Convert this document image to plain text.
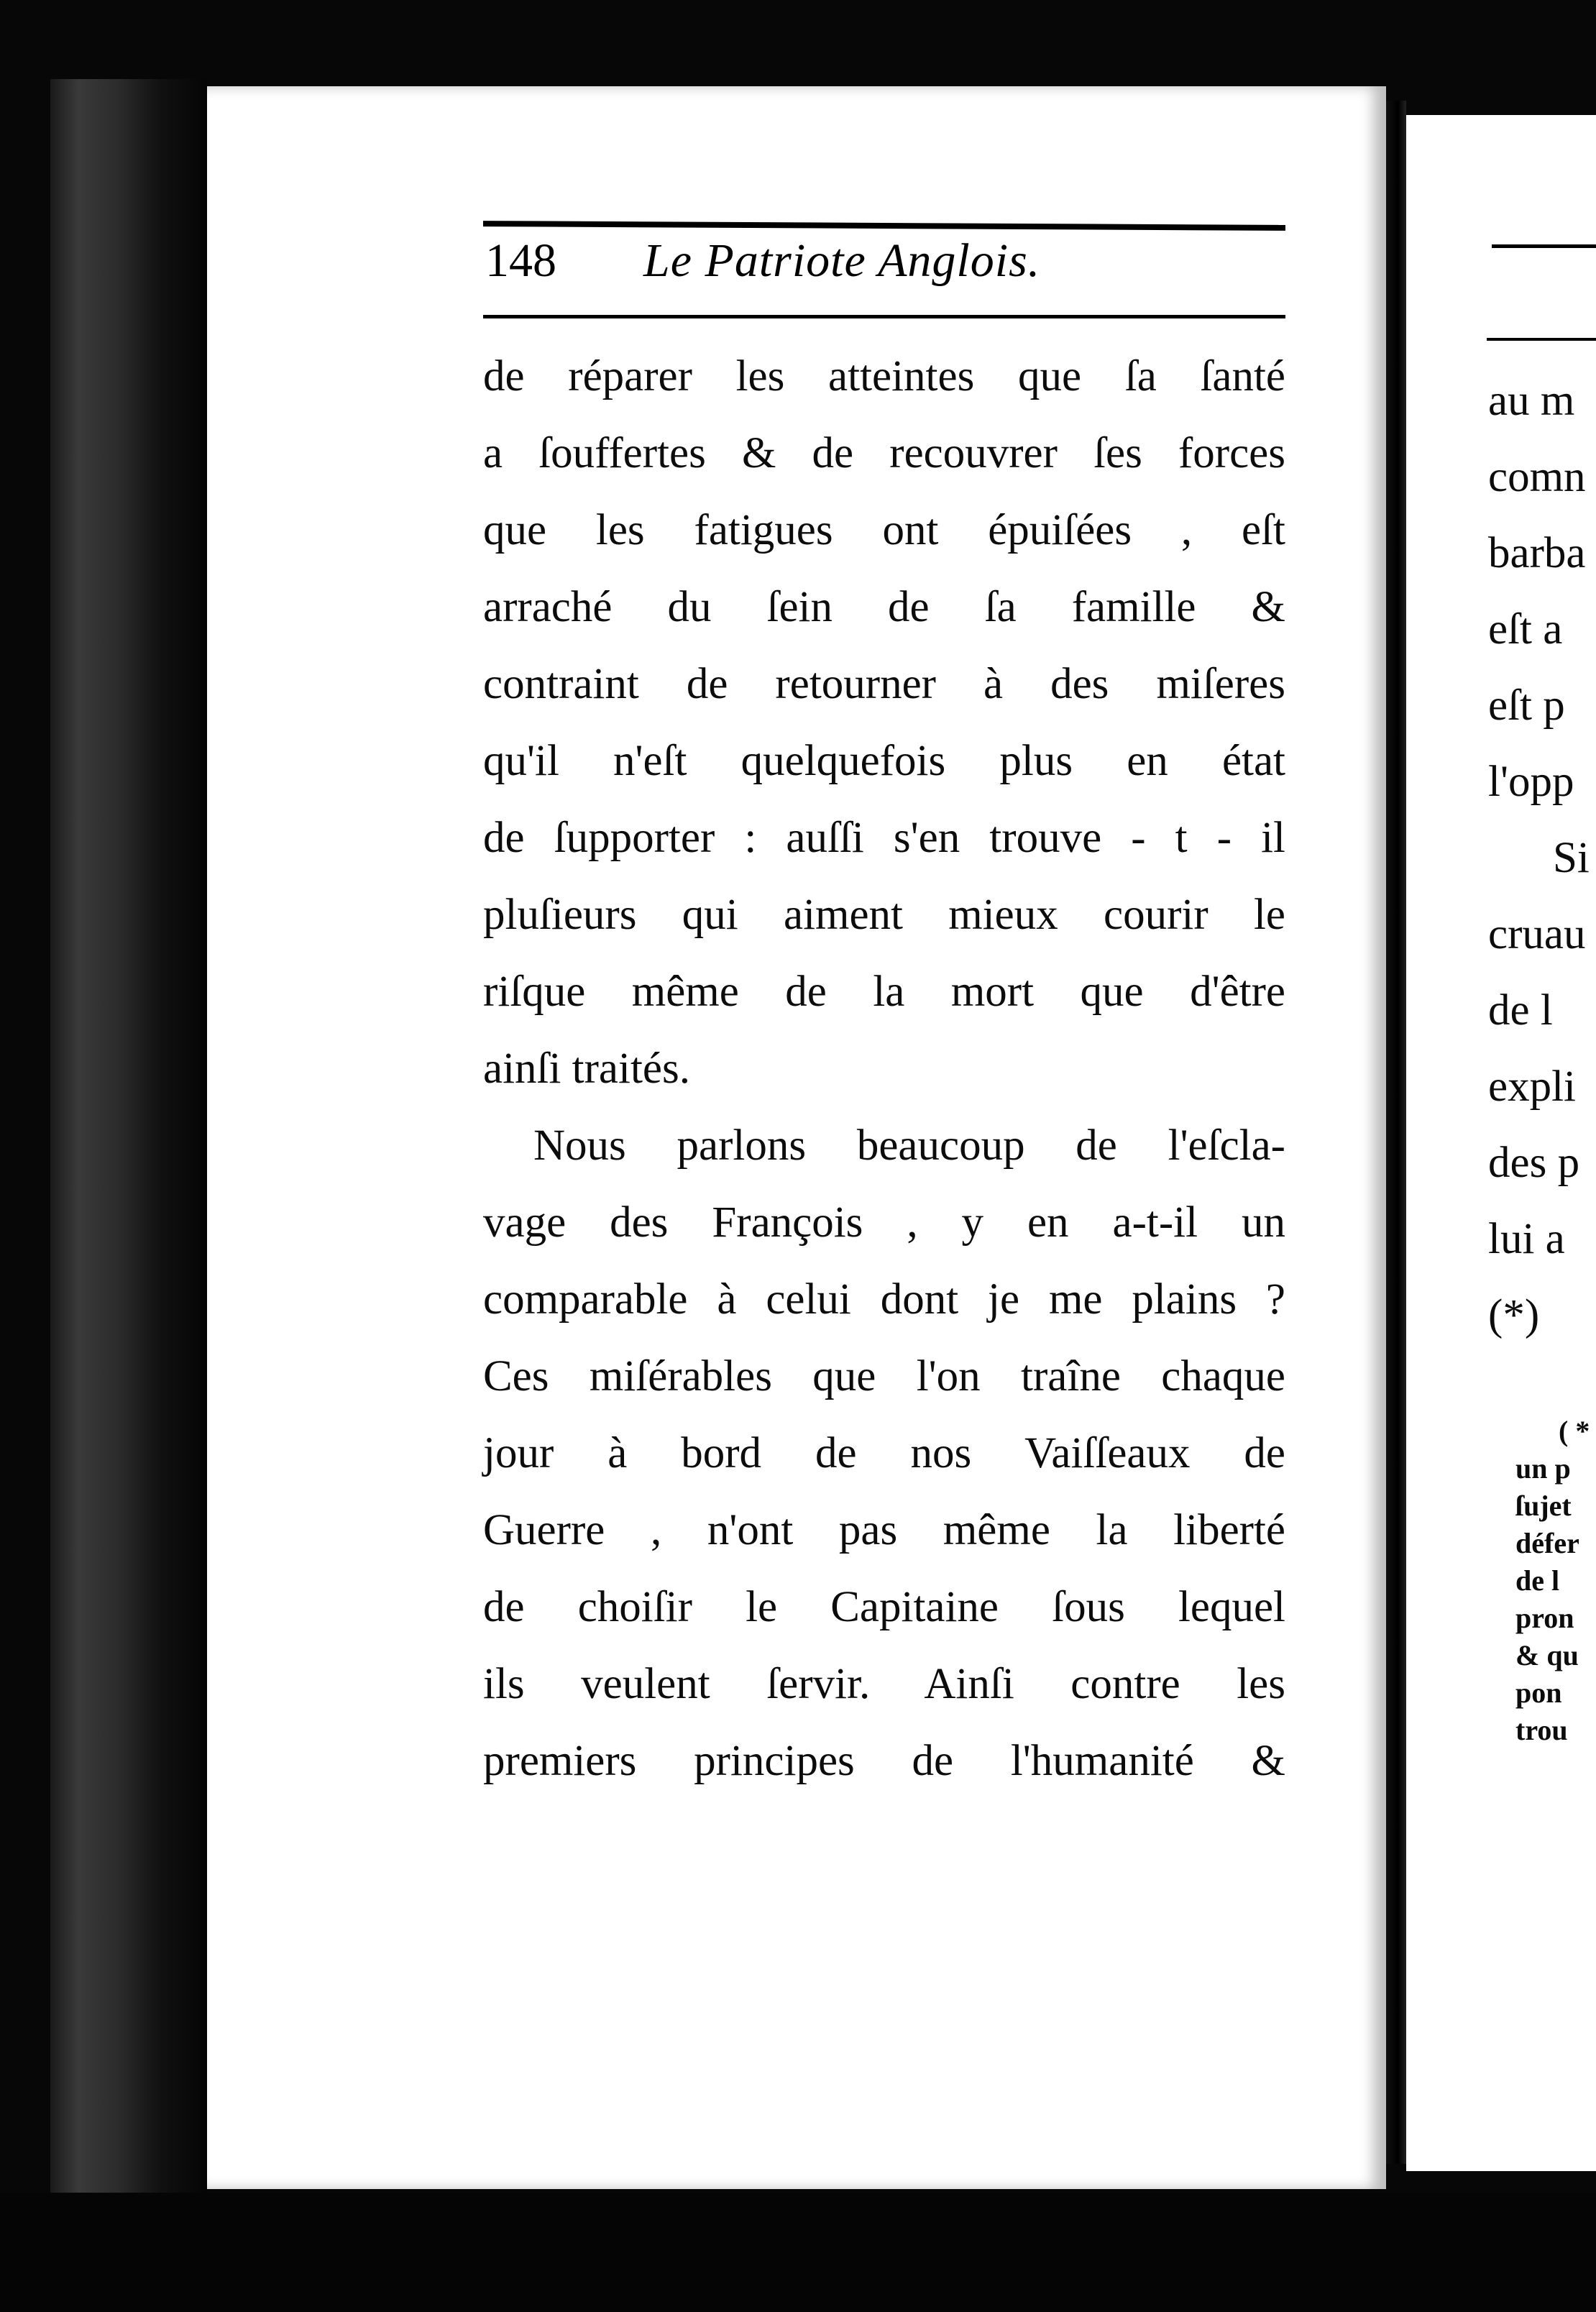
148	Le Patriote Anglois.
de réparer les atteintes que ſa ſanté
a ſouffertes & de recouvrer ſes forces
que les fatigues ont épuiſées , eſt
arraché du ſein de ſa famille &
contraint de retourner à des miſeres
qu'il n'eſt quelquefois plus en état
de ſupporter : auſſi s'en trouve - t - il
pluſieurs qui aiment mieux courir le
riſque même de la mort que d'être
ainſi traités.
Nous parlons beaucoup de l'eſcla-
vage des François , y en a-t-il un
comparable à celui dont je me plains ?
Ces miſérables que l'on traîne chaque
jour à bord de nos Vaiſſeaux de
Guerre , n'ont pas même la liberté
de choiſir le Capitaine ſous lequel
ils veulent ſervir. Ainſi contre les
premiers principes de l'humanité &
au m
comn
barba
eſt a
eſt p
l'opp
Si
cruau
de l
expli
des p
lui a
(*)
( *
un p
ſujet
défer
de l
pron
& qu
pon
trou
